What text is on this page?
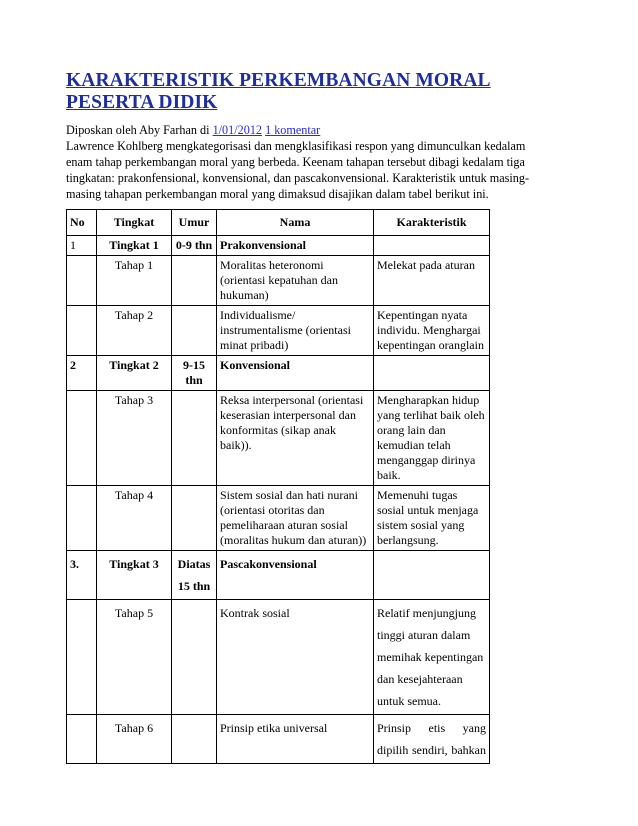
KARAKTERISTIK PERKEMBANGAN MORAL
PESERTA DIDIK
Diposkan oleh Aby Farhan di 1/01/2012 1 komentar
Lawrence Kohlberg mengkategorisasi dan mengklasifikasi respon yang dimunculkan kedalam
enam tahap perkembangan moral yang berbeda. Keenam tahapan tersebut dibagi kedalam tiga
tingkatan: prakonfensional, konvensional, dan pascakonvensional. Karakteristik untuk masing-
masing tahapan perkembangan moral yang dimaksud disajikan dalam tabel berikut ini.
No	Tingkat	Umur	Nama	Karakteristik
1	Tingkat 1	0-9 thn	Prakonvensional	
	Tahap 1		Moralitas heteronomi (orientasi kepatuhan dan hukuman)	Melekat pada aturan
	Tahap 2		Individualisme/ instrumentalisme (orientasi minat pribadi)	Kepentingan nyata individu. Menghargai kepentingan oranglain
2	Tingkat 2	9-15 thn	Konvensional	
	Tahap 3		Reksa interpersonal (orientasi keserasian interpersonal dan konformitas (sikap anak baik)).	Mengharapkan hidup yang terlihat baik oleh orang lain dan kemudian telah menganggap dirinya baik.
	Tahap 4		Sistem sosial dan hati nurani (orientasi otoritas dan pemeliharaan aturan sosial (moralitas hukum dan aturan))	Memenuhi tugas sosial untuk menjaga sistem sosial yang berlangsung.
3.	Tingkat 3	Diatas 15 thn	Pascakonvensional	
	Tahap 5		Kontrak sosial	Relatif menjungjung tinggi aturan dalam memihak kepentingan dan kesejahteraan untuk semua.
	Tahap 6		Prinsip etika universal	Prinsip etis yang dipilih sendiri, bahkan
